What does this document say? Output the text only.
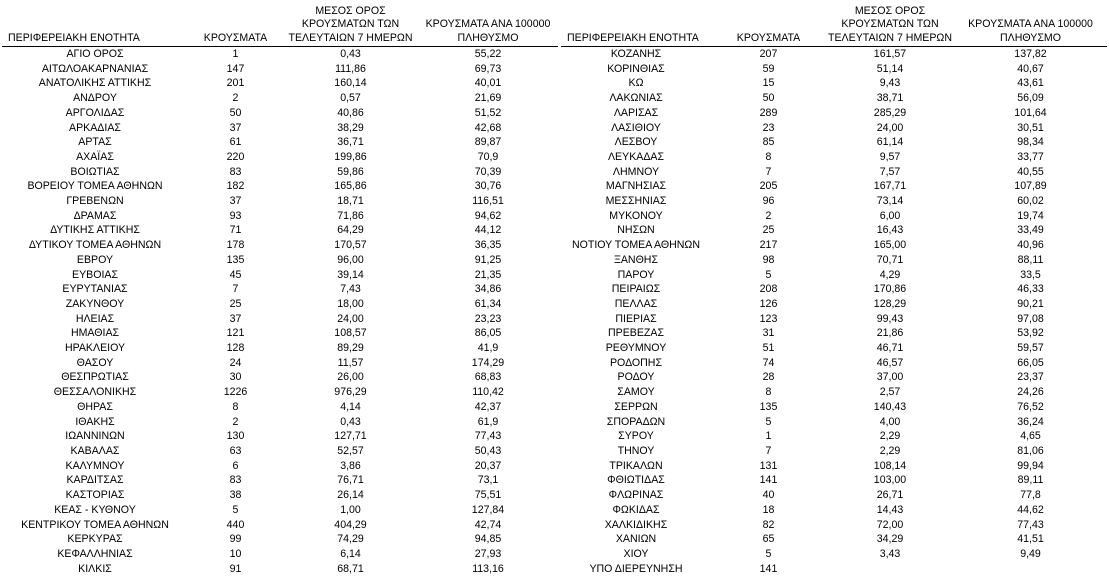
ΠΕΡΙΦΕΡΕΙΑΚΗ ΕΝΟΤΗΤΑ	ΚΡΟΥΣΜΑΤΑ	ΜΕΣΟΣ ΟΡΟΣ ΚΡΟΥΣΜΑΤΩΝ ΤΩΝ ΤΕΛΕΥΤΑΙΩΝ 7 ΗΜΕΡΩΝ	ΚΡΟΥΣΜΑΤΑ ΑΝΑ 100000 ΠΛΗΘΥΣΜΟ
ΑΓΙΟ ΟΡΟΣ	1	0,43	55,22
ΑΙΤΩΛΟΑΚΑΡΝΑΝΙΑΣ	147	111,86	69,73
ΑΝΑΤΟΛΙΚΗΣ ΑΤΤΙΚΗΣ	201	160,14	40,01
ΑΝΔΡΟΥ	2	0,57	21,69
ΑΡΓΟΛΙΔΑΣ	50	40,86	51,52
ΑΡΚΑΔΙΑΣ	37	38,29	42,68
ΑΡΤΑΣ	61	36,71	89,87
ΑΧΑΪΑΣ	220	199,86	70,9
ΒΟΙΩΤΙΑΣ	83	59,86	70,39
ΒΟΡΕΙΟΥ ΤΟΜΕΑ ΑΘΗΝΩΝ	182	165,86	30,76
ΓΡΕΒΕΝΩΝ	37	18,71	116,51
ΔΡΑΜΑΣ	93	71,86	94,62
ΔΥΤΙΚΗΣ ΑΤΤΙΚΗΣ	71	64,29	44,12
ΔΥΤΙΚΟΥ ΤΟΜΕΑ ΑΘΗΝΩΝ	178	170,57	36,35
ΕΒΡΟΥ	135	96,00	91,25
ΕΥΒΟΙΑΣ	45	39,14	21,35
ΕΥΡΥΤΑΝΙΑΣ	7	7,43	34,86
ΖΑΚΥΝΘΟΥ	25	18,00	61,34
ΗΛΕΙΑΣ	37	24,00	23,23
ΗΜΑΘΙΑΣ	121	108,57	86,05
ΗΡΑΚΛΕΙΟΥ	128	89,29	41,9
ΘΑΣΟΥ	24	11,57	174,29
ΘΕΣΠΡΩΤΙΑΣ	30	26,00	68,83
ΘΕΣΣΑΛΟΝΙΚΗΣ	1226	976,29	110,42
ΘΗΡΑΣ	8	4,14	42,37
ΙΘΑΚΗΣ	2	0,43	61,9
ΙΩΑΝΝΙΝΩΝ	130	127,71	77,43
ΚΑΒΑΛΑΣ	63	52,57	50,43
ΚΑΛΥΜΝΟΥ	6	3,86	20,37
ΚΑΡΔΙΤΣΑΣ	83	76,71	73,1
ΚΑΣΤΟΡΙΑΣ	38	26,14	75,51
ΚΕΑΣ - ΚΥΘΝΟΥ	5	1,00	127,84
ΚΕΝΤΡΙΚΟΥ ΤΟΜΕΑ ΑΘΗΝΩΝ	440	404,29	42,74
ΚΕΡΚΥΡΑΣ	99	74,29	94,85
ΚΕΦΑΛΛΗΝΙΑΣ	10	6,14	27,93
ΚΙΛΚΙΣ	91	68,71	113,16
ΠΕΡΙΦΕΡΕΙΑΚΗ ΕΝΟΤΗΤΑ	ΚΡΟΥΣΜΑΤΑ	ΜΕΣΟΣ ΟΡΟΣ ΚΡΟΥΣΜΑΤΩΝ ΤΩΝ ΤΕΛΕΥΤΑΙΩΝ 7 ΗΜΕΡΩΝ	ΚΡΟΥΣΜΑΤΑ ΑΝΑ 100000 ΠΛΗΘΥΣΜΟ
ΚΟΖΑΝΗΣ	207	161,57	137,82
ΚΟΡΙΝΘΙΑΣ	59	51,14	40,67
ΚΩ	15	9,43	43,61
ΛΑΚΩΝΙΑΣ	50	38,71	56,09
ΛΑΡΙΣΑΣ	289	285,29	101,64
ΛΑΣΙΘΙΟΥ	23	24,00	30,51
ΛΕΣΒΟΥ	85	61,14	98,34
ΛΕΥΚΑΔΑΣ	8	9,57	33,77
ΛΗΜΝΟΥ	7	7,57	40,55
ΜΑΓΝΗΣΙΑΣ	205	167,71	107,89
ΜΕΣΣΗΝΙΑΣ	96	73,14	60,02
ΜΥΚΟΝΟΥ	2	6,00	19,74
ΝΗΣΩΝ	25	16,43	33,49
ΝΟΤΙΟΥ ΤΟΜΕΑ ΑΘΗΝΩΝ	217	165,00	40,96
ΞΑΝΘΗΣ	98	70,71	88,11
ΠΑΡΟΥ	5	4,29	33,5
ΠΕΙΡΑΙΩΣ	208	170,86	46,33
ΠΕΛΛΑΣ	126	128,29	90,21
ΠΙΕΡΙΑΣ	123	99,43	97,08
ΠΡΕΒΕΖΑΣ	31	21,86	53,92
ΡΕΘΥΜΝΟΥ	51	46,71	59,57
ΡΟΔΟΠΗΣ	74	46,57	66,05
ΡΟΔΟΥ	28	37,00	23,37
ΣΑΜΟΥ	8	2,57	24,26
ΣΕΡΡΩΝ	135	140,43	76,52
ΣΠΟΡΑΔΩΝ	5	4,00	36,24
ΣΥΡΟΥ	1	2,29	4,65
ΤΗΝΟΥ	7	2,29	81,06
ΤΡΙΚΑΛΩΝ	131	108,14	99,94
ΦΘΙΩΤΙΔΑΣ	141	103,00	89,11
ΦΛΩΡΙΝΑΣ	40	26,71	77,8
ΦΩΚΙΔΑΣ	18	14,43	44,62
ΧΑΛΚΙΔΙΚΗΣ	82	72,00	77,43
ΧΑΝΙΩΝ	65	34,29	41,51
ΧΙΟΥ	5	3,43	9,49
ΥΠΟ ΔΙΕΡΕΥΝΗΣΗ	141		
